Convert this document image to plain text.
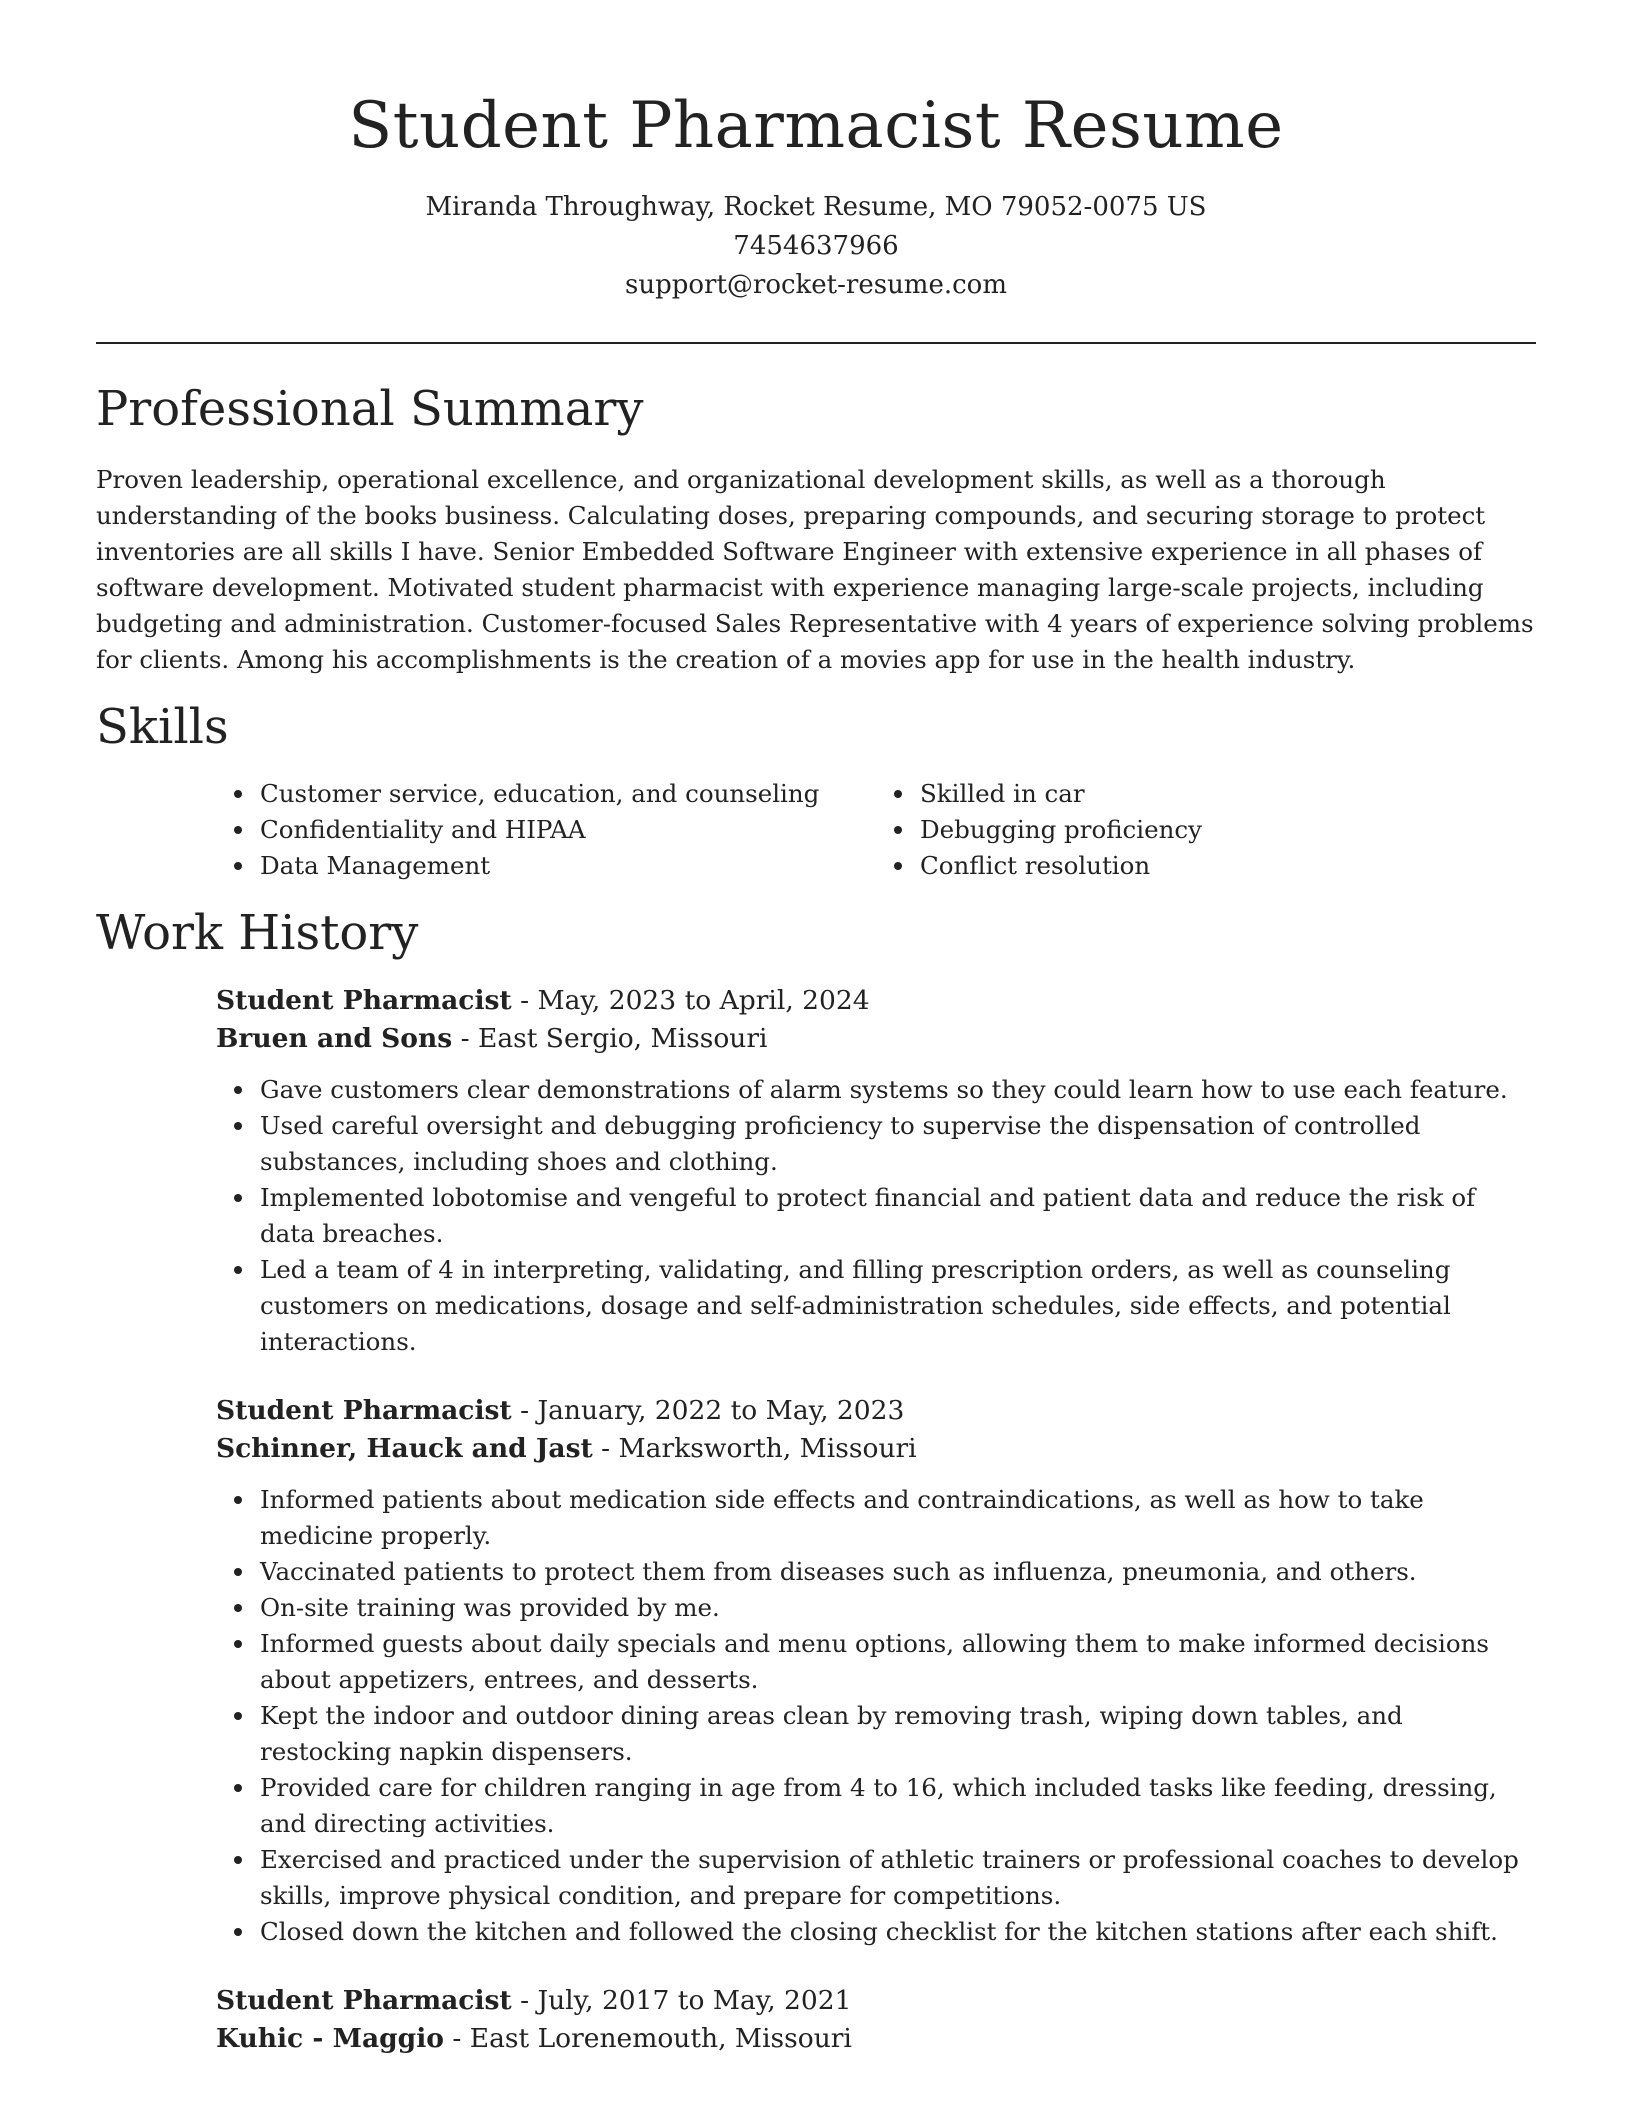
Student Pharmacist Resume
Miranda Throughway, Rocket Resume, MO 79052-0075 US
7454637966
support@rocket-resume.com
Professional Summary

Proven leadership, operational excellence, and organizational development skills, as well as a thorough understanding of the books business. Calculating doses, preparing compounds, and securing storage to protect inventories are all skills I have. Senior Embedded Software Engineer with extensive experience in all phases of software development. Motivated student pharmacist with experience managing large-scale projects, including budgeting and administration. Customer-focused Sales Representative with 4 years of experience solving problems for clients. Among his accomplishments is the creation of a movies app for use in the health industry.

Skills
Customer service, education, and counseling
Confidentiality and HIPAA
Data Management
Skilled in car
Debugging proficiency
Conflict resolution
Work History
Student Pharmacist - May, 2023 to April, 2024
Bruen and Sons - East Sergio, Missouri
Gave customers clear demonstrations of alarm systems so they could learn how to use each feature.
Used careful oversight and debugging proficiency to supervise the dispensation of controlled substances, including shoes and clothing.
Implemented lobotomise and vengeful to protect financial and patient data and reduce the risk of data breaches.
Led a team of 4 in interpreting, validating, and filling prescription orders, as well as counseling customers on medications, dosage and self-administration schedules, side effects, and potential interactions.
Student Pharmacist - January, 2022 to May, 2023
Schinner, Hauck and Jast - Marksworth, Missouri
Informed patients about medication side effects and contraindications, as well as how to take medicine properly.
Vaccinated patients to protect them from diseases such as influenza, pneumonia, and others.
On-site training was provided by me.
Informed guests about daily specials and menu options, allowing them to make informed decisions about appetizers, entrees, and desserts.
Kept the indoor and outdoor dining areas clean by removing trash, wiping down tables, and restocking napkin dispensers.
Provided care for children ranging in age from 4 to 16, which included tasks like feeding, dressing, and directing activities.
Exercised and practiced under the supervision of athletic trainers or professional coaches to develop skills, improve physical condition, and prepare for competitions.
Closed down the kitchen and followed the closing checklist for the kitchen stations after each shift.
Student Pharmacist - July, 2017 to May, 2021
Kuhic - Maggio - East Lorenemouth, Missouri
